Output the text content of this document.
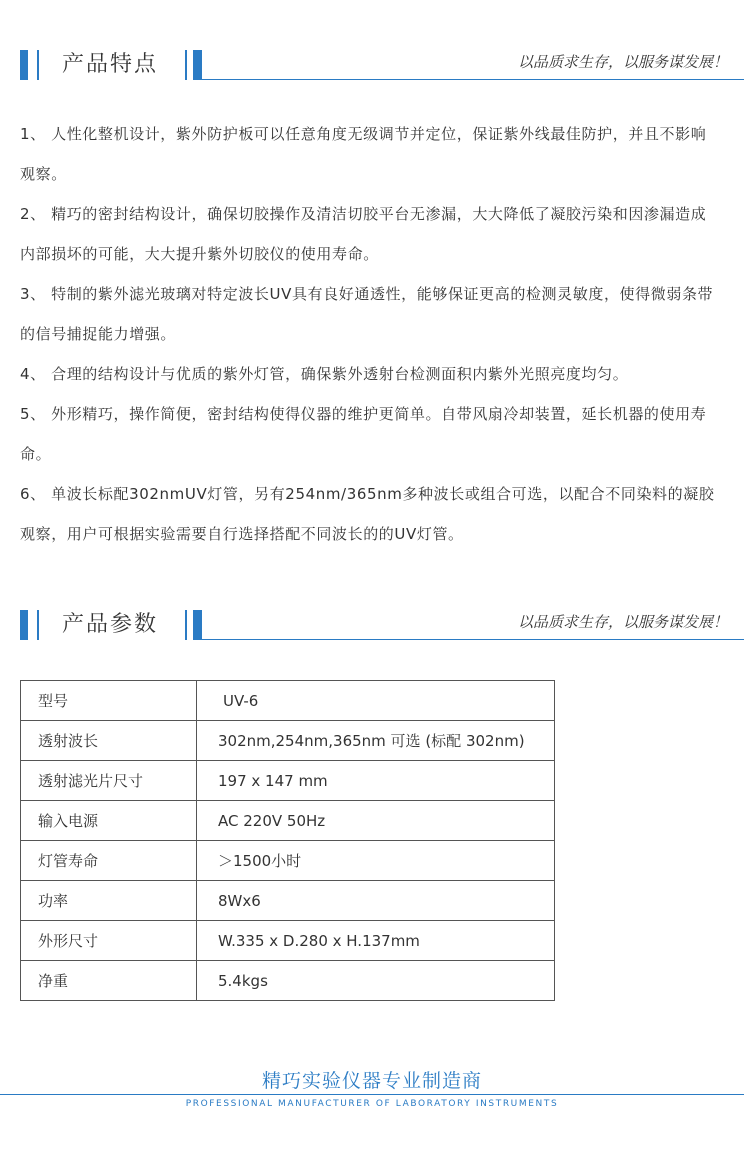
产品特点	以品质求生存，以服务谋发展！

1、 人性化整机设计，紫外防护板可以任意角度无级调节并定位，保证紫外线最佳防护，并且不影响观察。

2、 精巧的密封结构设计，确保切胶操作及清洁切胶平台无渗漏，大大降低了凝胶污染和因渗漏造成内部损坏的可能，大大提升紫外切胶仪的使用寿命。

3、 特制的紫外滤光玻璃对特定波长UV具有良好通透性，能够保证更高的检测灵敏度，使得微弱条带的信号捕捉能力增强。

4、 合理的结构设计与优质的紫外灯管，确保紫外透射台检测面积内紫外光照亮度均匀。

5、 外形精巧，操作简便，密封结构使得仪器的维护更简单。自带风扇冷却装置，延长机器的使用寿命。

6、 单波长标配302nmUV灯管，另有254nm/365nm多种波长或组合可选，以配合不同染料的凝胶观察，用户可根据实验需要自行选择搭配不同波长的的UV灯管。

产品参数	以品质求生存，以服务谋发展！
型号	UV-6
透射波长	302nm,254nm,365nm 可选 (标配 302nm)
透射滤光片尺寸	197 x 147 mm
输入电源	AC 220V 50Hz
灯管寿命	＞1500小时
功率	8Wx6
外形尺寸	W.335 x D.280 x H.137mm
净重	5.4kgs
精巧实验仪器专业制造商
PROFESSIONAL MANUFACTURER OF LABORATORY INSTRUMENTS
